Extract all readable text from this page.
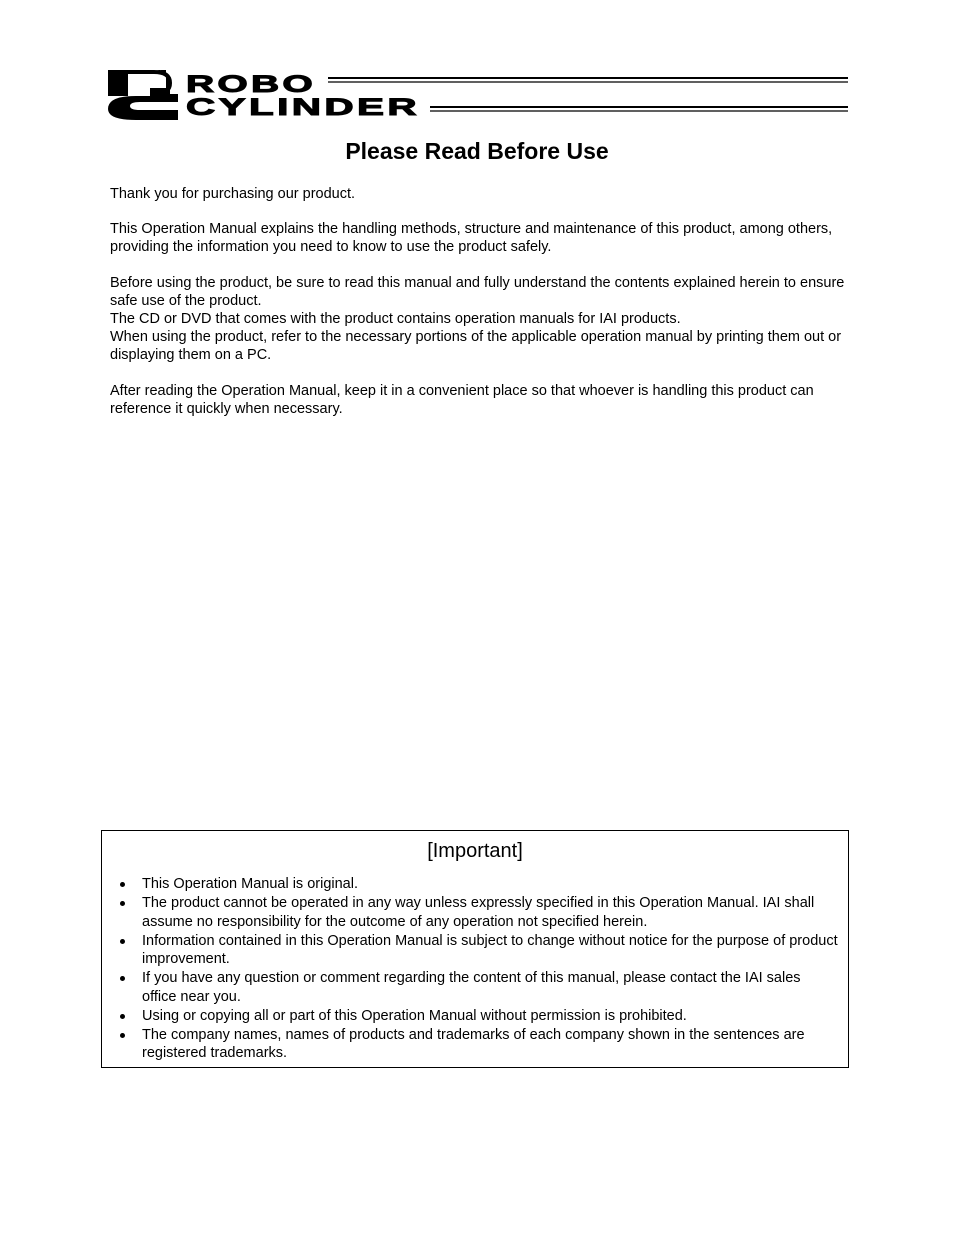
ROBO
CYLINDER
Please Read Before Use

Thank you for purchasing our product.

This Operation Manual explains the handling methods, structure and maintenance of this product, among others, providing the information you need to know to use the product safely.

Before using the product, be sure to read this manual and fully understand the contents explained herein to ensure safe use of the product.

The CD or DVD that comes with the product contains operation manuals for IAI products.

When using the product, refer to the necessary portions of the applicable operation manual by printing them out or displaying them on a PC.

After reading the Operation Manual, keep it in a convenient place so that whoever is handling this product can reference it quickly when necessary.

[Important]
This Operation Manual is original.
The product cannot be operated in any way unless expressly specified in this Operation Manual. IAI shall assume no responsibility for the outcome of any operation not specified herein.
Information contained in this Operation Manual is subject to change without notice for the purpose of product improvement.
If you have any question or comment regarding the content of this manual, please contact the IAI sales office near you.
Using or copying all or part of this Operation Manual without permission is prohibited.
The company names, names of products and trademarks of each company shown in the sentences are registered trademarks.
